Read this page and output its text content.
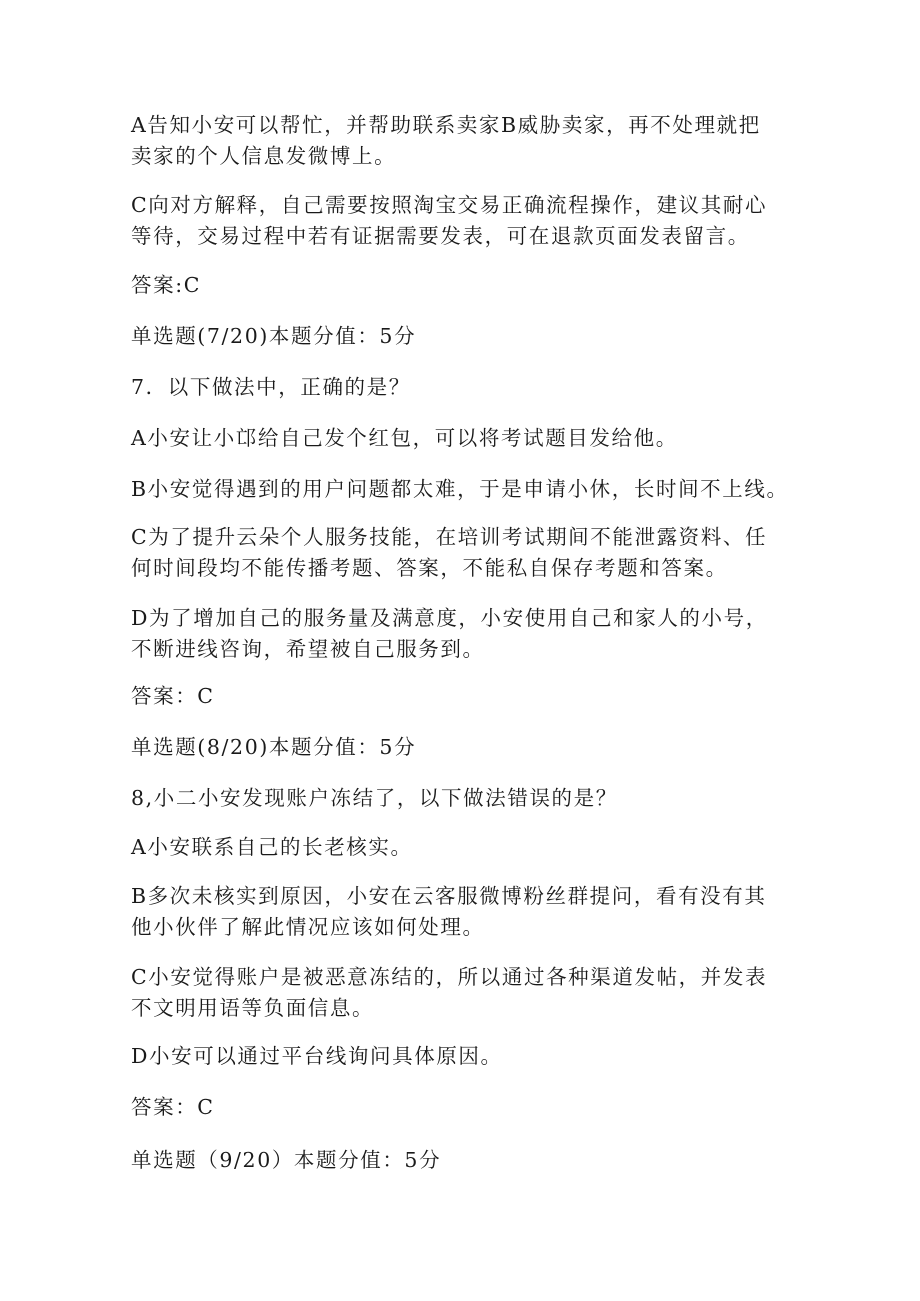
A告知小安可以帮忙，并帮助联系卖家B威胁卖家，再不处理就把卖家的个人信息发微博上。

C向对方解释，自己需要按照淘宝交易正确流程操作，建议其耐心等待，交易过程中若有证据需要发表，可在退款页面发表留言。

答案:C

单选题(7/20)本题分值：5分

7．以下做法中，正确的是？

A小安让小邙给自己发个红包，可以将考试题目发给他。

B小安觉得遇到的用户问题都太难，于是申请小休，长时间不上线。

C为了提升云朵个人服务技能，在培训考试期间不能泄露资料、任何时间段均不能传播考题、答案，不能私自保存考题和答案。

D为了增加自己的服务量及满意度，小安使用自己和家人的小号，不断进线咨询，希望被自己服务到。

答案：C

单选题(8/20)本题分值：5分

8,小二小安发现账户冻结了，以下做法错误的是？

A小安联系自己的长老核实。

B多次未核实到原因，小安在云客服微博粉丝群提问，看有没有其他小伙伴了解此情况应该如何处理。

C小安觉得账户是被恶意冻结的，所以通过各种渠道发帖，并发表不文明用语等负面信息。

D小安可以通过平台线询问具体原因。

答案：C

单选题（9/20）本题分值：5分
